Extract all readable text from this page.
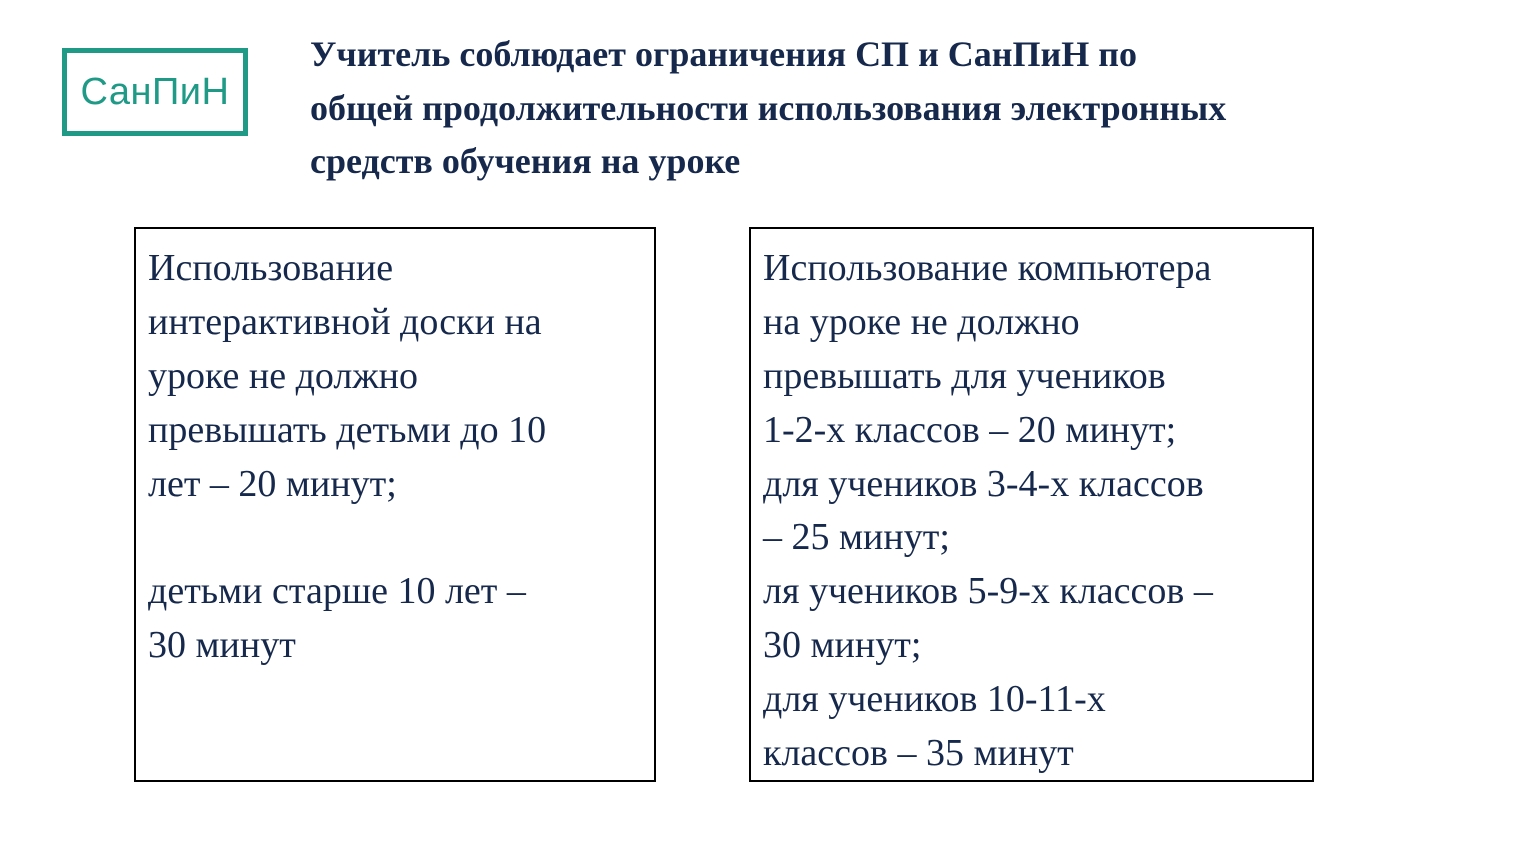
СанПиН
Учитель соблюдает ограничения СП и СанПиН по
общей продолжительности использования электронных
средств обучения на уроке
Использование
интерактивной доски на
уроке не должно
превышать детьми до 10
лет – 20 минут;
детьми старше 10 лет –
30 минут
Использование компьютера
на уроке не должно
превышать для учеников
1-2-х классов – 20 минут;
для учеников 3-4-х классов
– 25 минут;
ля учеников 5-9-х классов –
30 минут;
для учеников 10-11-х
классов – 35 минут
